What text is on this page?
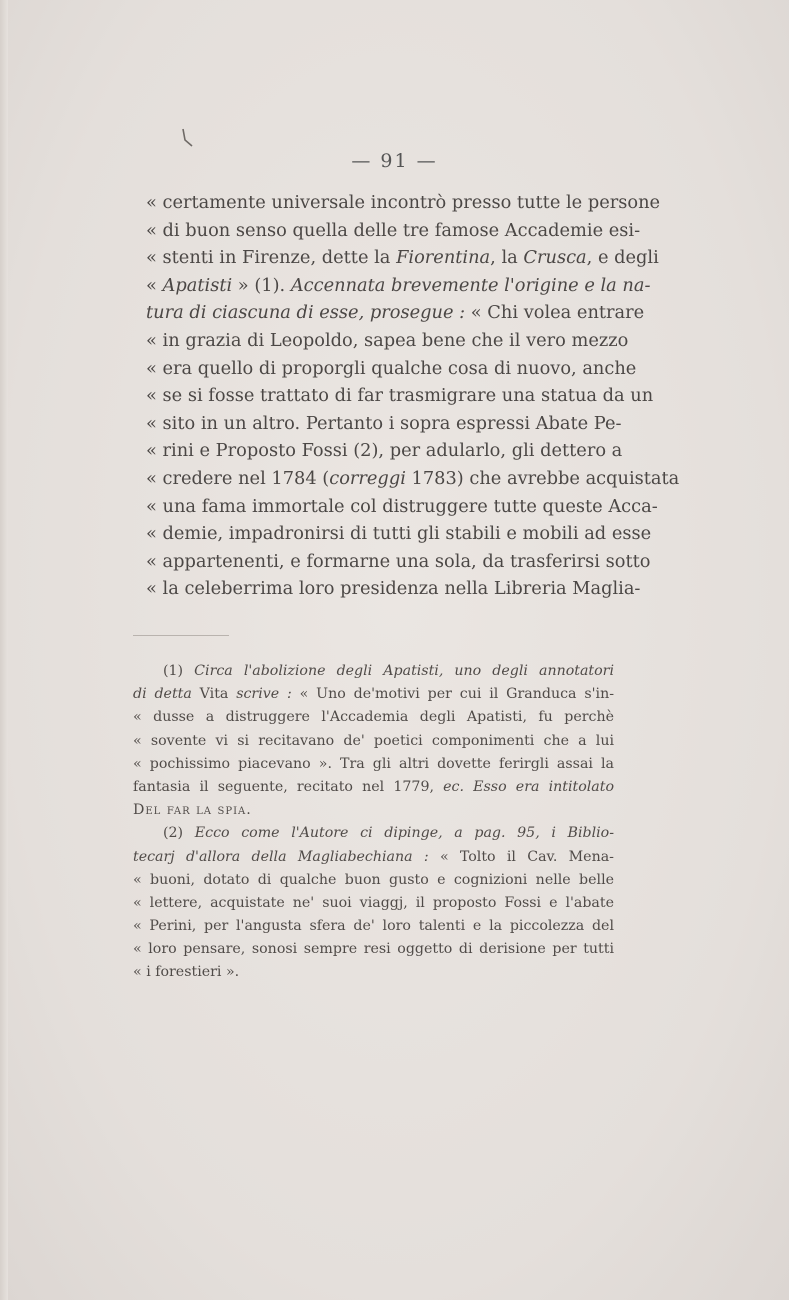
— 91 —
« certamente universale incontrò presso tutte le persone
« di buon senso quella delle tre famose Accademie esi-
« stenti in Firenze, dette la Fiorentina, la Crusca, e degli
« Apatisti » (1). Accennata brevemente l'origine e la na-
tura di ciascuna di esse, prosegue : « Chi volea entrare
« in grazia di Leopoldo, sapea bene che il vero mezzo
« era quello di proporgli qualche cosa di nuovo, anche
« se si fosse trattato di far trasmigrare una statua da un
« sito in un altro. Pertanto i sopra espressi Abate Pe-
« rini e Proposto Fossi (2), per adularlo, gli dettero a
« credere nel 1784 (correggi 1783) che avrebbe acquistata
« una fama immortale col distruggere tutte queste Acca-
« demie, impadronirsi di tutti gli stabili e mobili ad esse
« appartenenti, e formarne una sola, da trasferirsi sotto
« la celeberrima loro presidenza nella Libreria Maglia-
(1) Circa l'abolizione degli Apatisti, uno degli annotatori
di detta Vita scrive : « Uno de'motivi per cui il Granduca s'in-
« dusse a distruggere l'Accademia degli Apatisti, fu perchè
« sovente vi si recitavano de' poetici componimenti che a lui
« pochissimo piacevano ». Tra gli altri dovette ferirgli assai la
fantasia il seguente, recitato nel 1779, ec. Esso era intitolato
Del far la spia.
(2) Ecco come l'Autore ci dipinge, a pag. 95, i Biblio-
tecarj d'allora della Magliabechiana : « Tolto il Cav. Mena-
« buoni, dotato di qualche buon gusto e cognizioni nelle belle
« lettere, acquistate ne' suoi viaggj, il proposto Fossi e l'abate
« Perini, per l'angusta sfera de' loro talenti e la piccolezza del
« loro pensare, sonosi sempre resi oggetto di derisione per tutti
« i forestieri ».
